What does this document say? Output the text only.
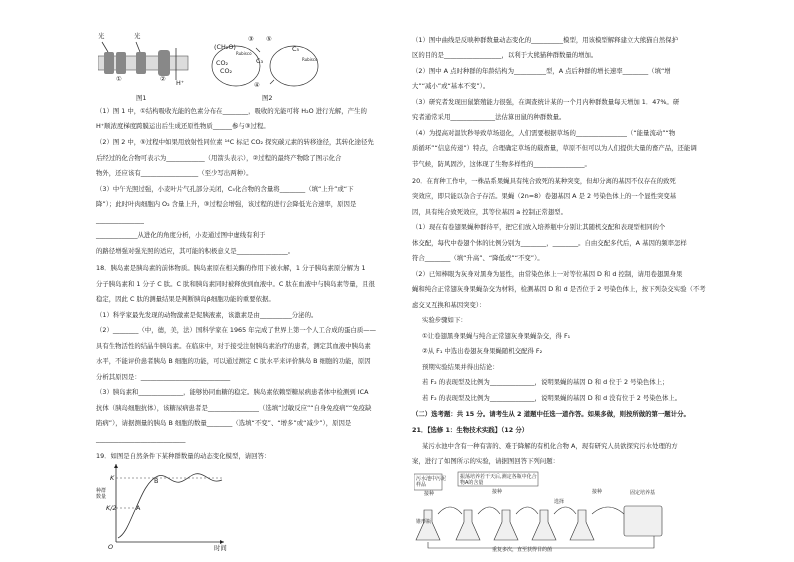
光	光
①	② H⁺
图1
(CH₂O)
CO₂
CO₂
C₃
C₅
③ ⑤
④
Rubisco
Rubisco
图2
（1）图 1 中，①结构吸收光能的色素分布在________，吸收的光能可将 H₂O 进行光解，产生的
H⁺顺浓度梯度跨膜运出后生成还原性物质______参与③过程。
（2）图 2 中，⑤过程中如果用放射性同位素 ¹⁴C 标记 CO₂ 探究碳元素的转移途径，其转化途径先
后经过的化合物可表示为____________（用箭头表示），②过程的最终产物除了图示化合
物外，还应该有__________________（至少写出两种）。
（3）中午光照过强，小麦叶片气孔部分关闭，C₅化合物的含量将________（填“上升”或“下
降”）；此时叶肉细胞内 O₂ 含量上升，③过程会增强，该过程的进行会降低光合速率，原因是
_______________
_____________从进化的角度分析，小麦通过图中虚线有利于
的路径增强对强光照的适应，其可能的积极意义是________________。
18．胰岛素是胰岛素的前体物质。胰岛素原在相关酶的作用下被水解，1 分子胰岛素原分解为 1
分子胰岛素和 1 分子 C 肽。C 肽和胰岛素同时被释放到血液中。C 肽在血液中与胰岛素等量，且很
稳定，因此 C 肽的测量结果是判断胰岛β细胞功能的重要依据。
（1）科学家最先发现的动物激素是促胰液素，该激素是由__________分泌的。
（2）________（中，德，美，法）国科学家在 1965 年完成了世界上第一个人工合成的蛋白质——
具有生物活性的结晶牛胰岛素。在临床中，对于接受注射胰岛素治疗的患者，测定其血液中胰岛素
水平，不能评价患者胰岛 B 细胞的功能，可以通过测定 C 肽水平来评价胰岛 B 细胞的功能，原因
分析其原因是：____________________________
（3）胰岛素和______________，能够协同血糖的稳定。胰岛素依赖型糖尿病患者体中检测到 ICA
抗体（胰岛细胞抗体），该糖尿病患者是________________（选填“过敏反应”“自身免疫病”“免疫缺
陷病”），请据测量的胰岛 B 细胞的数量________（选填“不变”、“增多”或“减少”），原因是
____________________________
19．如图是自然条件下某种群数量的动态变化模型，请回答：
种群数量
K
K/2	A
B
O	时间
（1）图中曲线是反映种群数量动态变化的__________模型，用该模型解释建立大熊猫自然保护
区的目的是__________________，以利于大熊猫种群数量的增加。
（2）图中 A 点时种群的年龄结构为__________型，A 点后种群的增长速率________（填“增
大”“减小”或“基本不变”）。
（3）研究者发现田鼠繁殖能力很强，在调查统计某的一个月内种群数量每天增加 1．47%。研
究者通常采用______________法估算田鼠的种群数量。
（4）为提高对温饮秒导致草场退化，人们需要根据草场的________________（“能量流动”“物
质循环”“信息传递”）特点，合理确定草场的载畜量，草原不但可以为人们提供大量的畜产品，还能调
节气候，防风固沙，这体现了生物多样性的________________。
20．在育种工作中，一株品系果蝇具有纯合致死的某种突变，但却分离的基因不仅存在的致死
突效应，即只能以杂合子存活。果蝇（2n=8）卷翅基因 A 是 2 号染色体上的一个显性突变基
因，具有纯合致死效应，其等位基因 a 控制正常翅型。
（1）现在有卷翅果蝇种群待平，把它们放入培养瓶中分别让其随机交配和表现型相同的个
体交配，每代中卷翅个体的比例分别为________，________。自由交配多代后，A 基因的频率怎样
符合________（填“升高”、“降低或”“不变”）。
（2）已知棒眼为灰身对黑身为显性，由常染色体上一对等位基因 D 和 d 控制，请用卷翅黑身果
蝇和纯合正常翅灰身果蝇杂交为材料，检测基因 D 和 d 是否位于 2 号染色体上，按下列杂交实验（不考
虑交叉互换和基因突变）：
实验步骤如下：
①让卷翅黑身果蝇与纯合正常翅灰身果蝇杂交，得 F₁
②从 F₁ 中选出卷翅灰身果蝇随机交配得 F₂
预期实验结果并得出结论：
若 F₂ 的表现型及比例为______________，说明果蝇的基因 D 和 d 位于 2 号染色体上；
若 F₂ 的表现型及比例为______________，说明果蝇的基因 D 和 d 没有位于 2 号染色体上。
（二）选考题：共 15 分。请考生从 2 道题中任选一道作答。如果多做，则按所做的第一题计分。
21．【选修 1：生物技术实践】（12 分）
某污水池中含有一种有害的、难于降解的有机化合物 A，现有研究人员欲探究污水处理的方
案，进行了如图所示的实验，请据图回答下列问题：
污水池中污泥样品
振荡培养若干天后,测定各瓶中化合物A的含量
接种
选择
接种
接种
锥形瓶
固定培养基
重复多次，直至获得目的菌
